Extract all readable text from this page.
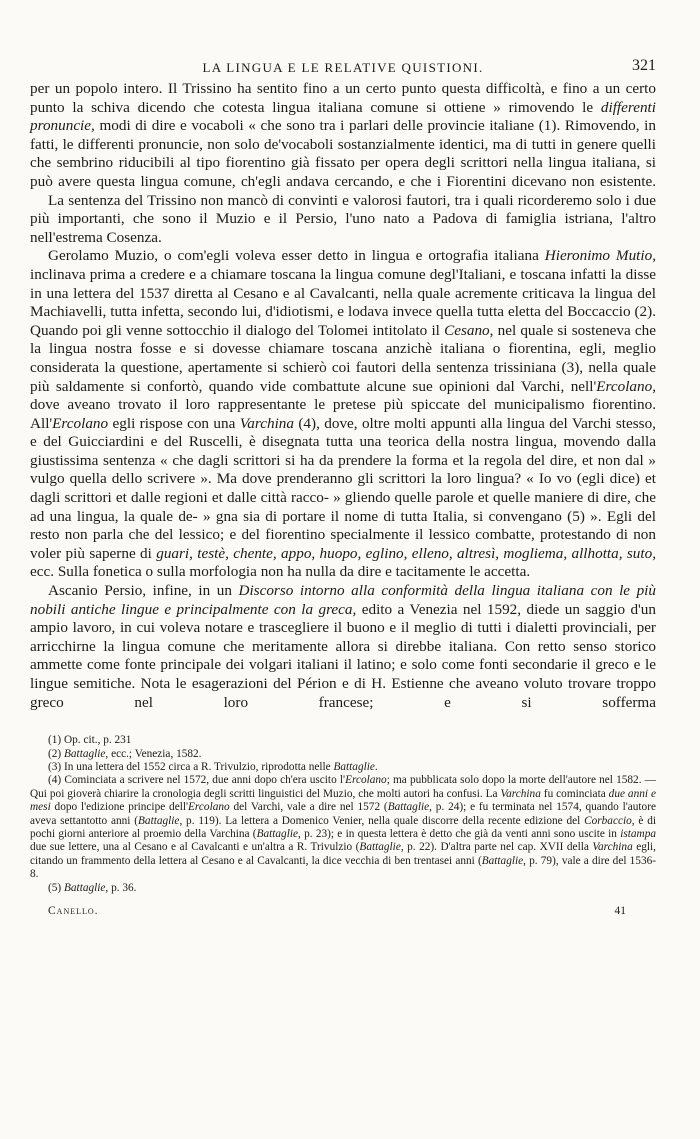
LA LINGUA E LE RELATIVE QUISTIONI.	321

per un popolo intero. Il Trissino ha sentito fino a un certo punto questa difficoltà, e fino a un certo punto la schiva dicendo che cotesta lingua italiana comune si ottiene » rimovendo le differenti pronuncie, modi di dire e vocaboli « che sono tra i parlari delle provincie italiane (1). Rimovendo, in fatti, le differenti pronuncie, non solo de'vocaboli sostanzialmente identici, ma di tutti in genere quelli che sembrino riducibili al tipo fiorentino già fissato per opera degli scrittori nella lingua italiana, si può avere questa lingua comune, ch'egli andava cercando, e che i Fiorentini dicevano non esistente.

La sentenza del Trissino non mancò di convinti e valorosi fautori, tra i quali ricorderemo solo i due più importanti, che sono il Muzio e il Persio, l'uno nato a Padova di famiglia istriana, l'altro nell'estrema Cosenza.

Gerolamo Muzio, o com'egli voleva esser detto in lingua e ortografia italiana Hieronimo Mutio, inclinava prima a credere e a chiamare toscana la lingua comune degl'Italiani, e toscana infatti la disse in una lettera del 1537 diretta al Cesano e al Cavalcanti, nella quale acremente criticava la lingua del Machiavelli, tutta infetta, secondo lui, d'idiotismi, e lodava invece quella tutta eletta del Boccaccio (2). Quando poi gli venne sottocchio il dialogo del Tolomei intitolato il Cesano, nel quale si sosteneva che la lingua nostra fosse e si dovesse chiamare toscana anzichè italiana o fiorentina, egli, meglio considerata la questione, apertamente si schierò coi fautori della sentenza trissiniana (3), nella quale più saldamente si confortò, quando vide combattute alcune sue opinioni dal Varchi, nell'Ercolano, dove aveano trovato il loro rappresentante le pretese più spiccate del municipalismo fiorentino. All'Ercolano egli rispose con una Varchina (4), dove, oltre molti appunti alla lingua del Varchi stesso, e del Guicciardini e del Ruscelli, è disegnata tutta una teorica della nostra lingua, movendo dalla giustissima sentenza « che dagli scrittori si ha da prendere la forma et la regola del dire, et non dal » vulgo quella dello scrivere ». Ma dove prenderanno gli scrittori la loro lingua? « Io vo (egli dice) et dagli scrittori et dalle regioni et dalle città racco- » gliendo quelle parole et quelle maniere di dire, che ad una lingua, la quale de- » gna sia di portare il nome di tutta Italia, si convengano (5) ». Egli del resto non parla che del lessico; e del fiorentino specialmente il lessico combatte, protestando di non voler più saperne di guari, testè, chente, appo, huopo, eglino, elleno, altresì, mogliema, allhotta, suto, ecc. Sulla fonetica o sulla morfologia non ha nulla da dire e tacitamente le accetta.

Ascanio Persio, infine, in un Discorso intorno alla conformità della lingua italiana con le più nobili antiche lingue e principalmente con la greca, edito a Venezia nel 1592, diede un saggio d'un ampio lavoro, in cui voleva notare e trascegliere il buono e il meglio di tutti i dialetti provinciali, per arricchirne la lingua comune che meritamente allora si direbbe italiana. Con retto senso storico ammette come fonte principale dei volgari italiani il latino; e solo come fonti secondarie il greco e le lingue semitiche. Nota le esagerazioni del Périon e di H. Estienne che aveano voluto trovare troppo greco nel loro francese; e si sofferma

(1) Op. cit., p. 231

(2) Battaglie, ecc.; Venezia, 1582.

(3) In una lettera del 1552 circa a R. Trivulzio, riprodotta nelle Battaglie.

(4) Cominciata a scrivere nel 1572, due anni dopo ch'era uscito l'Ercolano; ma pubblicata solo dopo la morte dell'autore nel 1582. — Qui poi gioverà chiarire la cronologia degli scritti linguistici del Muzio, che molti autori ha confusi. La Varchina fu cominciata due anni e mesi dopo l'edizione principe dell'Ercolano del Varchi, vale a dire nel 1572 (Battaglie, p. 24); e fu terminata nel 1574, quando l'autore aveva settantotto anni (Battaglie, p. 119). La lettera a Domenico Venier, nella quale discorre della recente edizione del Corbaccio, è di pochi giorni anteriore al proemio della Varchina (Battaglie, p. 23); e in questa lettera è detto che già da venti anni sono uscite in istampa due sue lettere, una al Cesano e al Cavalcanti e un'altra a R. Trivulzio (Battaglie, p. 22). D'altra parte nel cap. XVII della Varchina egli, citando un frammento della lettera al Cesano e al Cavalcanti, la dice vecchia di ben trentasei anni (Battaglie, p. 79), vale a dire del 1536-8.

(5) Battaglie, p. 36.

Canello.	41
